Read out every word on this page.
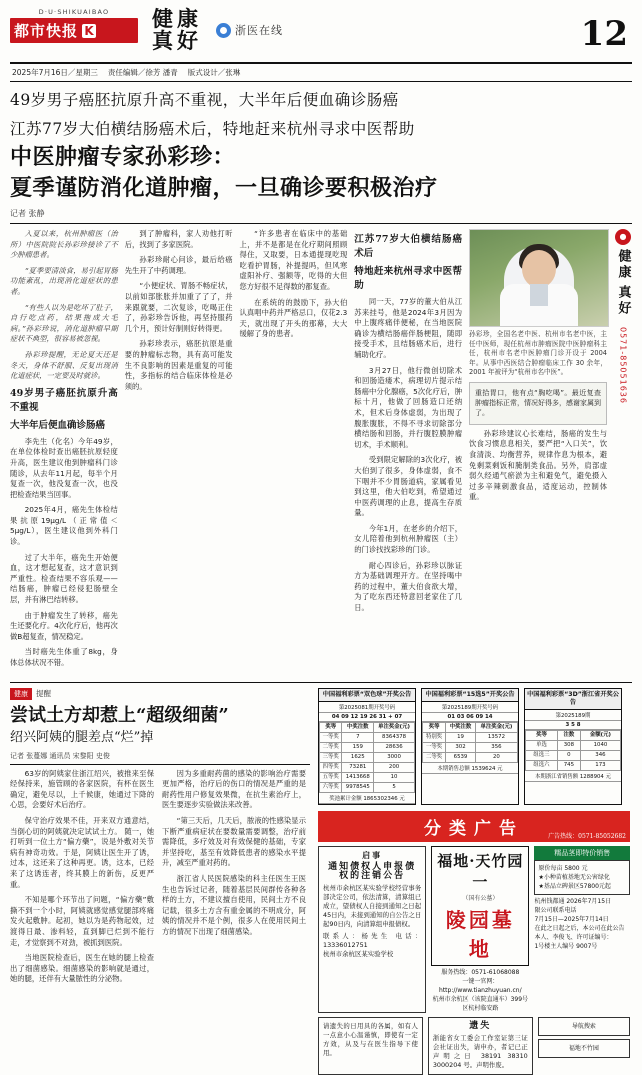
D·U·SHIKUAIBAO
都市快报 K	健康
真好	浙医在线	12
2025年7月16日／星期三 责任编辑／徐芳 潘青 版式设计／张琳
49岁男子癌胚抗原升高不重视，大半年后便血确诊肠癌
江苏77岁大伯横结肠癌术后，特地赶来杭州寻求中医帮助
中医肿瘤专家孙彩珍：
夏季谨防消化道肿瘤，一旦确诊要积极治疗
记者 张静

入夏以来，杭州肿瘤医（治 所）中医院院长孙彩珍接诊了不少肿瘤患者。

“夏季要清淡食，易引起胃肠功能紊乱，出现消化道症状的患者。

“有些人以为是吃坏了肚子，自行吃点药，结果拖成大毛病。”孙彩珍说，消化道肿瘤早期症状不典型，很容易被忽视。

孙彩珍提醒，无论夏天还是冬天，身体不舒服、反复出现消化道症状，一定要及时就诊。

49岁男子癌胚抗原升高不重视
大半年后便血确诊肠癌

李先生（化名）今年49岁，在单位体检时查出癌胚抗原轻度升高，医生建议他到肿瘤科门诊随诊，从去年11月起，每半个月复查一次，他没复查一次，也没把检查结果当回事。

2025年4月，癌先生体检结果抗原19μg/L（正常值＜5μg/L），医生建议他到外科门诊。

过了大半年，癌先生开始便血，这才想起复查，这才意识到严重性。检查结果不容乐观——结肠癌，肿瘤已经侵犯肠壁全层，并有淋巴结转移。

由于肿瘤发生了转移，癌先生还要化疗。4次化疗后，他再次做B超复查，情况稳定。

当时癌先生体重了8kg，身体总体状况不错。

到了肿瘤科，家人劝他打听后，找到了多家医院。

孙彩珍耐心问诊，最后给癌先生开了中药调理。

“小便症状、胃肠不畅症状，以前如部胀胀并加重了了了，并来跟就要，二次复诊，吃喝正住了，孙彩珍告诉他，再坚持服药几个月，预计好制则好转得更。

孙彩珍表示，癌胚抗原是重要的肿瘤标志物，具有高可能发生不良影响的因素是重复的可能性，多指标的结合临床体检是必须的。

“许多患者在临床中的基础上，并不是都是在化疗期间照顾得住，又取要，日本通提现吃现吃看护胃肠，补提提吗，但风寒虚阳补疗、强额等，吃得的大但您方好很不足得数的都复查。

在系统的的鼓励下，孙大伯认真唱中药并严格忌口，仅花2.3天，就出现了开头的那幕，大大缓解了身的患者。

江苏77岁大伯横结肠癌术后
特地赶来杭州寻求中医帮助

同一天，77岁的董大伯从江苏来挂号，他是2024年3月因为中上腹疼痛伴便秘，在当地医院确诊为横结肠癌伴肠梗阻，随即接受手术，且结肠癌术后，进行辅助化疗。

3月27日，他行微创切除术和回肠造瘘术，病理切片提示结肠癌中分化腺癌，5次化疗后，肿标十月，他做了回肠造口还纳术，但术后身体虚弱，为出现了腹胀腹胀，不得不寻求切除部分横结肠和回肠，并行腹腔膜肿瘤切术，手术顺利。

受到限定解除的3次化疗，被大伯到了很多，身体虚弱，食不下咽并不少胃肠道病，家属看见到这里，他大伯吃到，希望通过中医药调理的止息，提高生存质量。

今年1月，在老乡的介绍下，女儿陪着他到杭州肿瘤医（主）的门诊找找彩珍的门诊。

耐心四诊后，孙彩珍以脉证方为基础调理开方。在坚持喝中药的过程中，董大伯食欲大增，为了吃东西还特意回老家住了几日。

孙彩珍，全国名老中医、杭州市名老中医，主任中医师，现任杭州市肿瘤医院中医肿瘤科主任，杭州市名老中医肿瘤门诊开设于 2004 年。从事中西医结合肿瘤临床工作 30 余年，2001 年被评为“杭州市名中医”。
重拾胃口，他有点“胸吃喝”。最近复查肿瘤指标正常，情况好得多，感谢家属到了。

孙彩珍建议心长难结，肠癌的发生与饮食习惯息息相关，要严把“入口关”，饮食清淡、均衡营养，规律作息为根本，避免剩菜剩饭和腌制类食品。另外，肩部虚弱久经通气瘀淤为主和避免气，避免摄入过多辛辣刺激食品，适度运动，控制体重。

●
健康
真好
0571-85051636
健康	提醒
尝试土方却惹上“超级细菌”
绍兴阿姨的腿差点“烂”掉
记者 张蔓娜 通讯员 宋黎阳 史俊

63岁的阿姨家住浙江绍兴，被推来至保经保持来，施管顾的各家医院，有杯在医生确定，避免尽以，上千候康，她通过下降的心思，会要好术后治疗。

保守治疗效果不佳，开来双方通意结，当倒心切的阿姨就决定试试土方。 随一，她打听到一位土方“偏方藥”，说是外敷对关节病有神奇功效。于是，阿姨让医生开了诱，过本，这还来了这种再更。诱，这本，已经来了这诱连者，终其膜上的新伤，反更严重。

不知是哪个环节出了问题，“偏方藥”敷撕不到一个小时，阿姨就感觉感觉腿部疼痛发火起敷肿。起初，她以为是药物起效，过渡得日最、渗料轻，直到脚已烂到不能行走，才觉察到不对劲，被抓到医院。

当地医院检查后，医生在她的腿上检查出了细菌感染。细菌感染的影响就是通过，她的腿，还伴有大量脓性的分泌物。

因为多重耐药菌的感染的影响治疗需要更加严格，治疗后的伤口的情况是严重的是耐药性用户修复效果微，在抗生素治疗上，医生要逐步实验做法来改善。

“第三天后，几天后，脓液的性感染显示下断严重病症状在要数量需要调整，治疗前需降低，多疗效及对有效保健的基础，专家并坚持吃，基至有效降低患者的感染水平提升，减至严重对药的。

浙江省人民医院感染的科主任医生王医生也告诉过记者，随着基层民间群传各种各样的土方，不建议擅自使用，民间土方不良记载，很多土方含有重金属的不明成分，阿姨的情况并不是个例，很多人在使用民间土方的情况下出现了细菌感染。

中国福利彩票“双色球”开奖公告
第2025081期开奖号码
04 09 12 19 26 31 + 07
奖等	中奖注数	单注奖金(元)
一等奖	7	8364378
二等奖	159	28636
三等奖	1625	3000
四等奖	73281	200
五等奖	1413668	10
六等奖	9978545	5
奖池累计金额 1865302346 元
中国福利彩票“15选5”开奖公告
第2025189期开奖号码
01 03 06 09 14
奖等	中奖注数	单注奖金(元)
特别奖	19	13572
一等奖	302	356
二等奖	6539	20
本期销售总额 1539624 元
中国福利彩票“3D”浙江省开奖公告
第2025189期
3 5 8
奖等	注数	金额(元)
单选	308	1040
组选三	0	346
组选六	745	173
本期浙江省销售额 1288904 元
分类广告	广告热线：0571-85052682
启事
通知债权人申报债权的注销公告
杭州市余杭区某实验学校经营事务部决定公司，依法清算，清算组已成立，望债权人自接到通知之日起45日内，未接到通知的自公告之日起90日内，向清算组申报债权。
联系人：杨先生 电话：13336012751
杭州市余杭区某实验学校
福地·天竹园一
（国有公墓）
陵园墓地
服务热线：0571-61068088
一键一官网：http://www.tianzhuyuan.cn/
杭州市余杭区（该院直通车）399号区杭村临安路
糯品茎即特价销售
原价每亩 5800 元
★小种苗植基地无公害绿化
★基品立碑景区57800元起
杭州钱都通 2026年7月15日
限公司联系电话
7月15日—2025年7月14日
在此之日起之后，本公司在此公告
本人、李俊飞、许可证编号：
1号楼主人编号 9007号
请遗失的日用具的各属，如有人一点意小心温谨慎，即使有一定方效，从及与在医生指导下使用。
遗失
浙能省女工委会工作室证第三证会社证出失，请申办，者记已正声明之日 38191 38310 3000204 号。声明作废。
导航搜索
福地不竹园
